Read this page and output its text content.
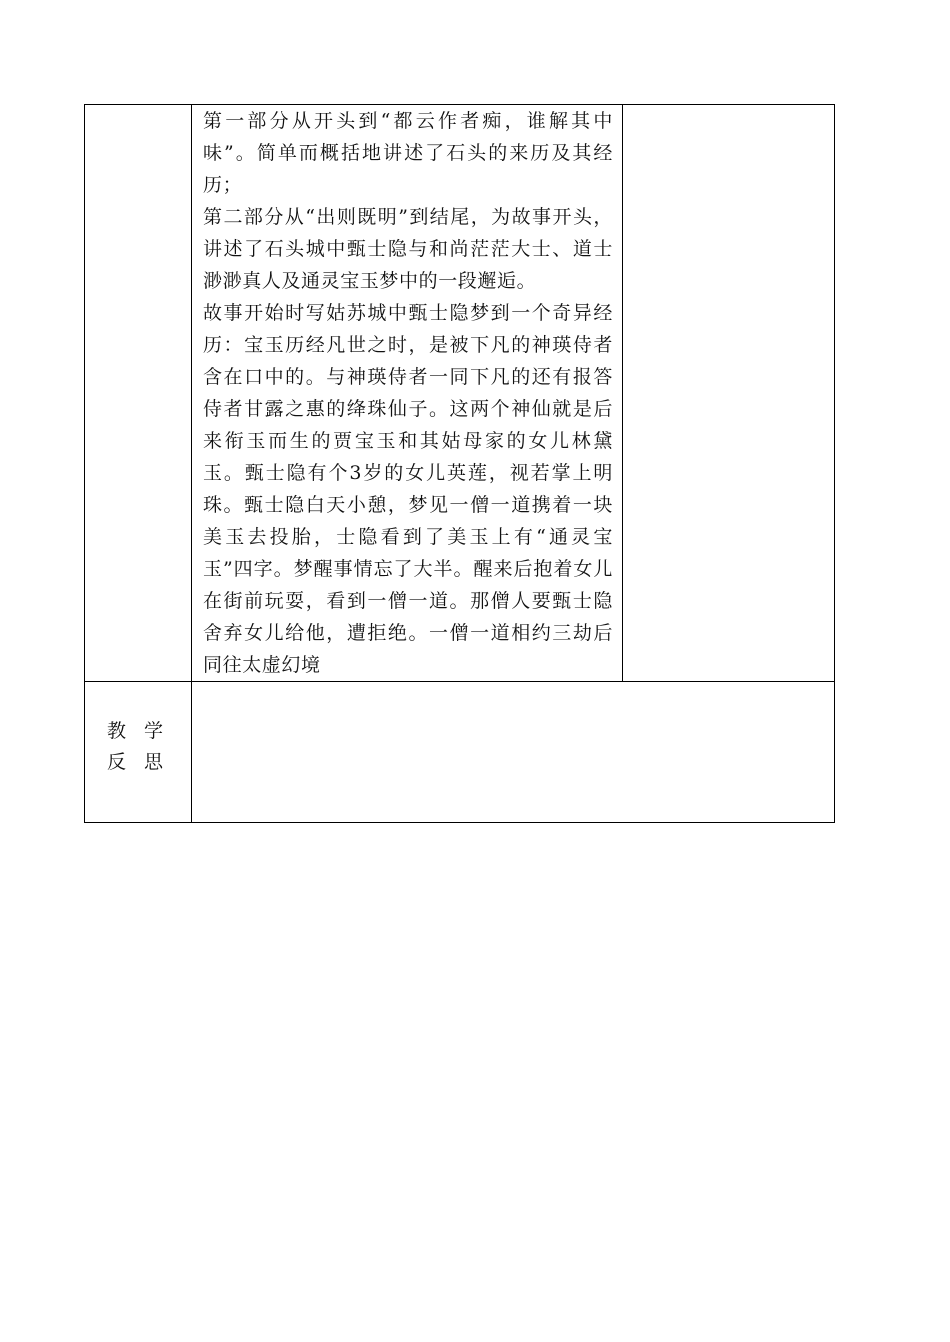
	第一部分从开头到“都云作者痴，谁解其中味”。简单而概括地讲述了石头的来历及其经历；

第二部分从“出则既明”到结尾，为故事开头，讲述了石头城中甄士隐与和尚茫茫大士、道士渺渺真人及通灵宝玉梦中的一段邂逅。

故事开始时写姑苏城中甄士隐梦到一个奇异经历：宝玉历经凡世之时，是被下凡的神瑛侍者含在口中的。与神瑛侍者一同下凡的还有报答侍者甘露之惠的绛珠仙子。这两个神仙就是后来衔玉而生的贾宝玉和其姑母家的女儿林黛玉。甄士隐有个3岁的女儿英莲，视若掌上明珠。甄士隐白天小憩，梦见一僧一道携着一块美玉去投胎，士隐看到了美玉上有“通灵宝玉”四字。梦醒事情忘了大半。醒来后抱着女儿在街前玩耍，看到一僧一道。那僧人要甄士隐舍弃女儿给他，遭拒绝。一僧一道相约三劫后同往太虚幻境	

教 学
反 思		
